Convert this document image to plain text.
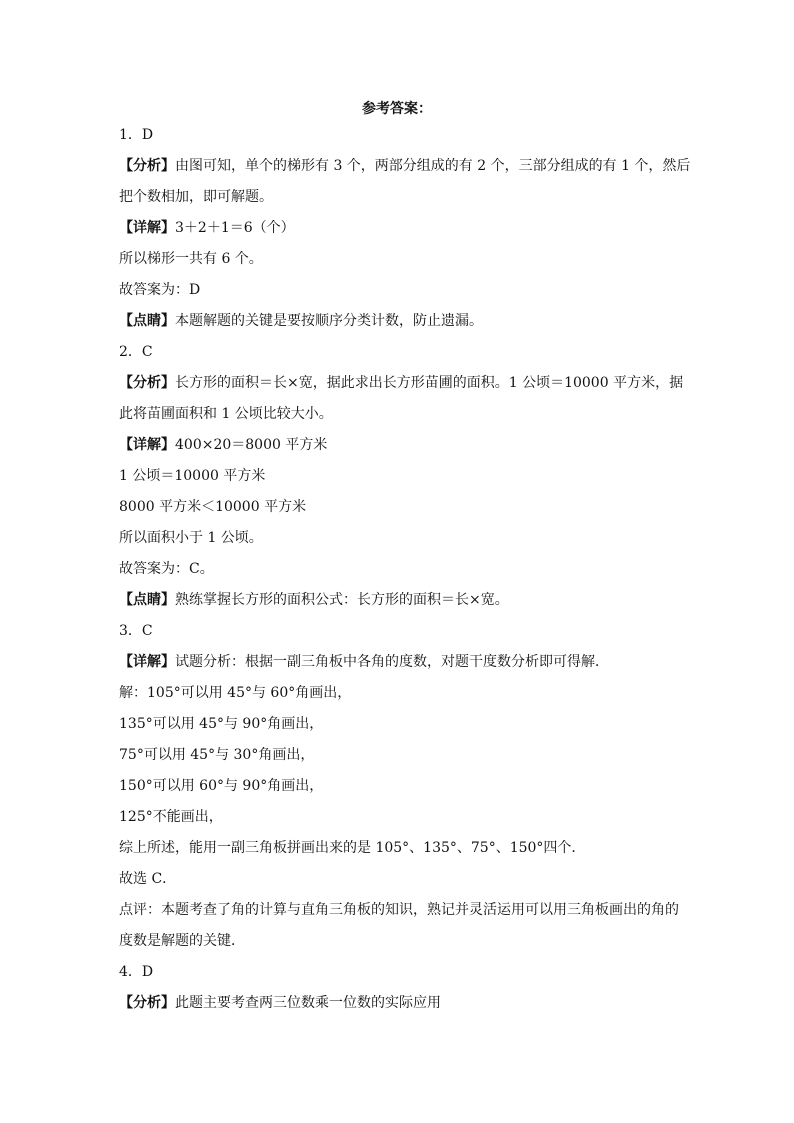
参考答案：
1．D
【分析】由图可知，单个的梯形有 3 个，两部分组成的有 2 个，三部分组成的有 1 个，然后
把个数相加，即可解题。
【详解】3＋2＋1＝6（个）
所以梯形一共有 6 个。
故答案为：D
【点睛】本题解题的关键是要按顺序分类计数，防止遗漏。
2．C
【分析】长方形的面积＝长×宽，据此求出长方形苗圃的面积。1 公顷＝10000 平方米，据
此将苗圃面积和 1 公顷比较大小。
【详解】400×20＝8000 平方米
1 公顷＝10000 平方米
8000 平方米＜10000 平方米
所以面积小于 1 公顷。
故答案为：C。
【点睛】熟练掌握长方形的面积公式：长方形的面积＝长×宽。
3．C
【详解】试题分析：根据一副三角板中各角的度数，对题干度数分析即可得解．
解：105°可以用 45°与 60°角画出，
135°可以用 45°与 90°角画出，
75°可以用 45°与 30°角画出，
150°可以用 60°与 90°角画出，
125°不能画出，
综上所述，能用一副三角板拼画出来的是 105°、135°、75°、150°四个．
故选 C．
点评：本题考查了角的计算与直角三角板的知识，熟记并灵活运用可以用三角板画出的角的
度数是解题的关键．
4．D
【分析】此题主要考查两三位数乘一位数的实际应用
